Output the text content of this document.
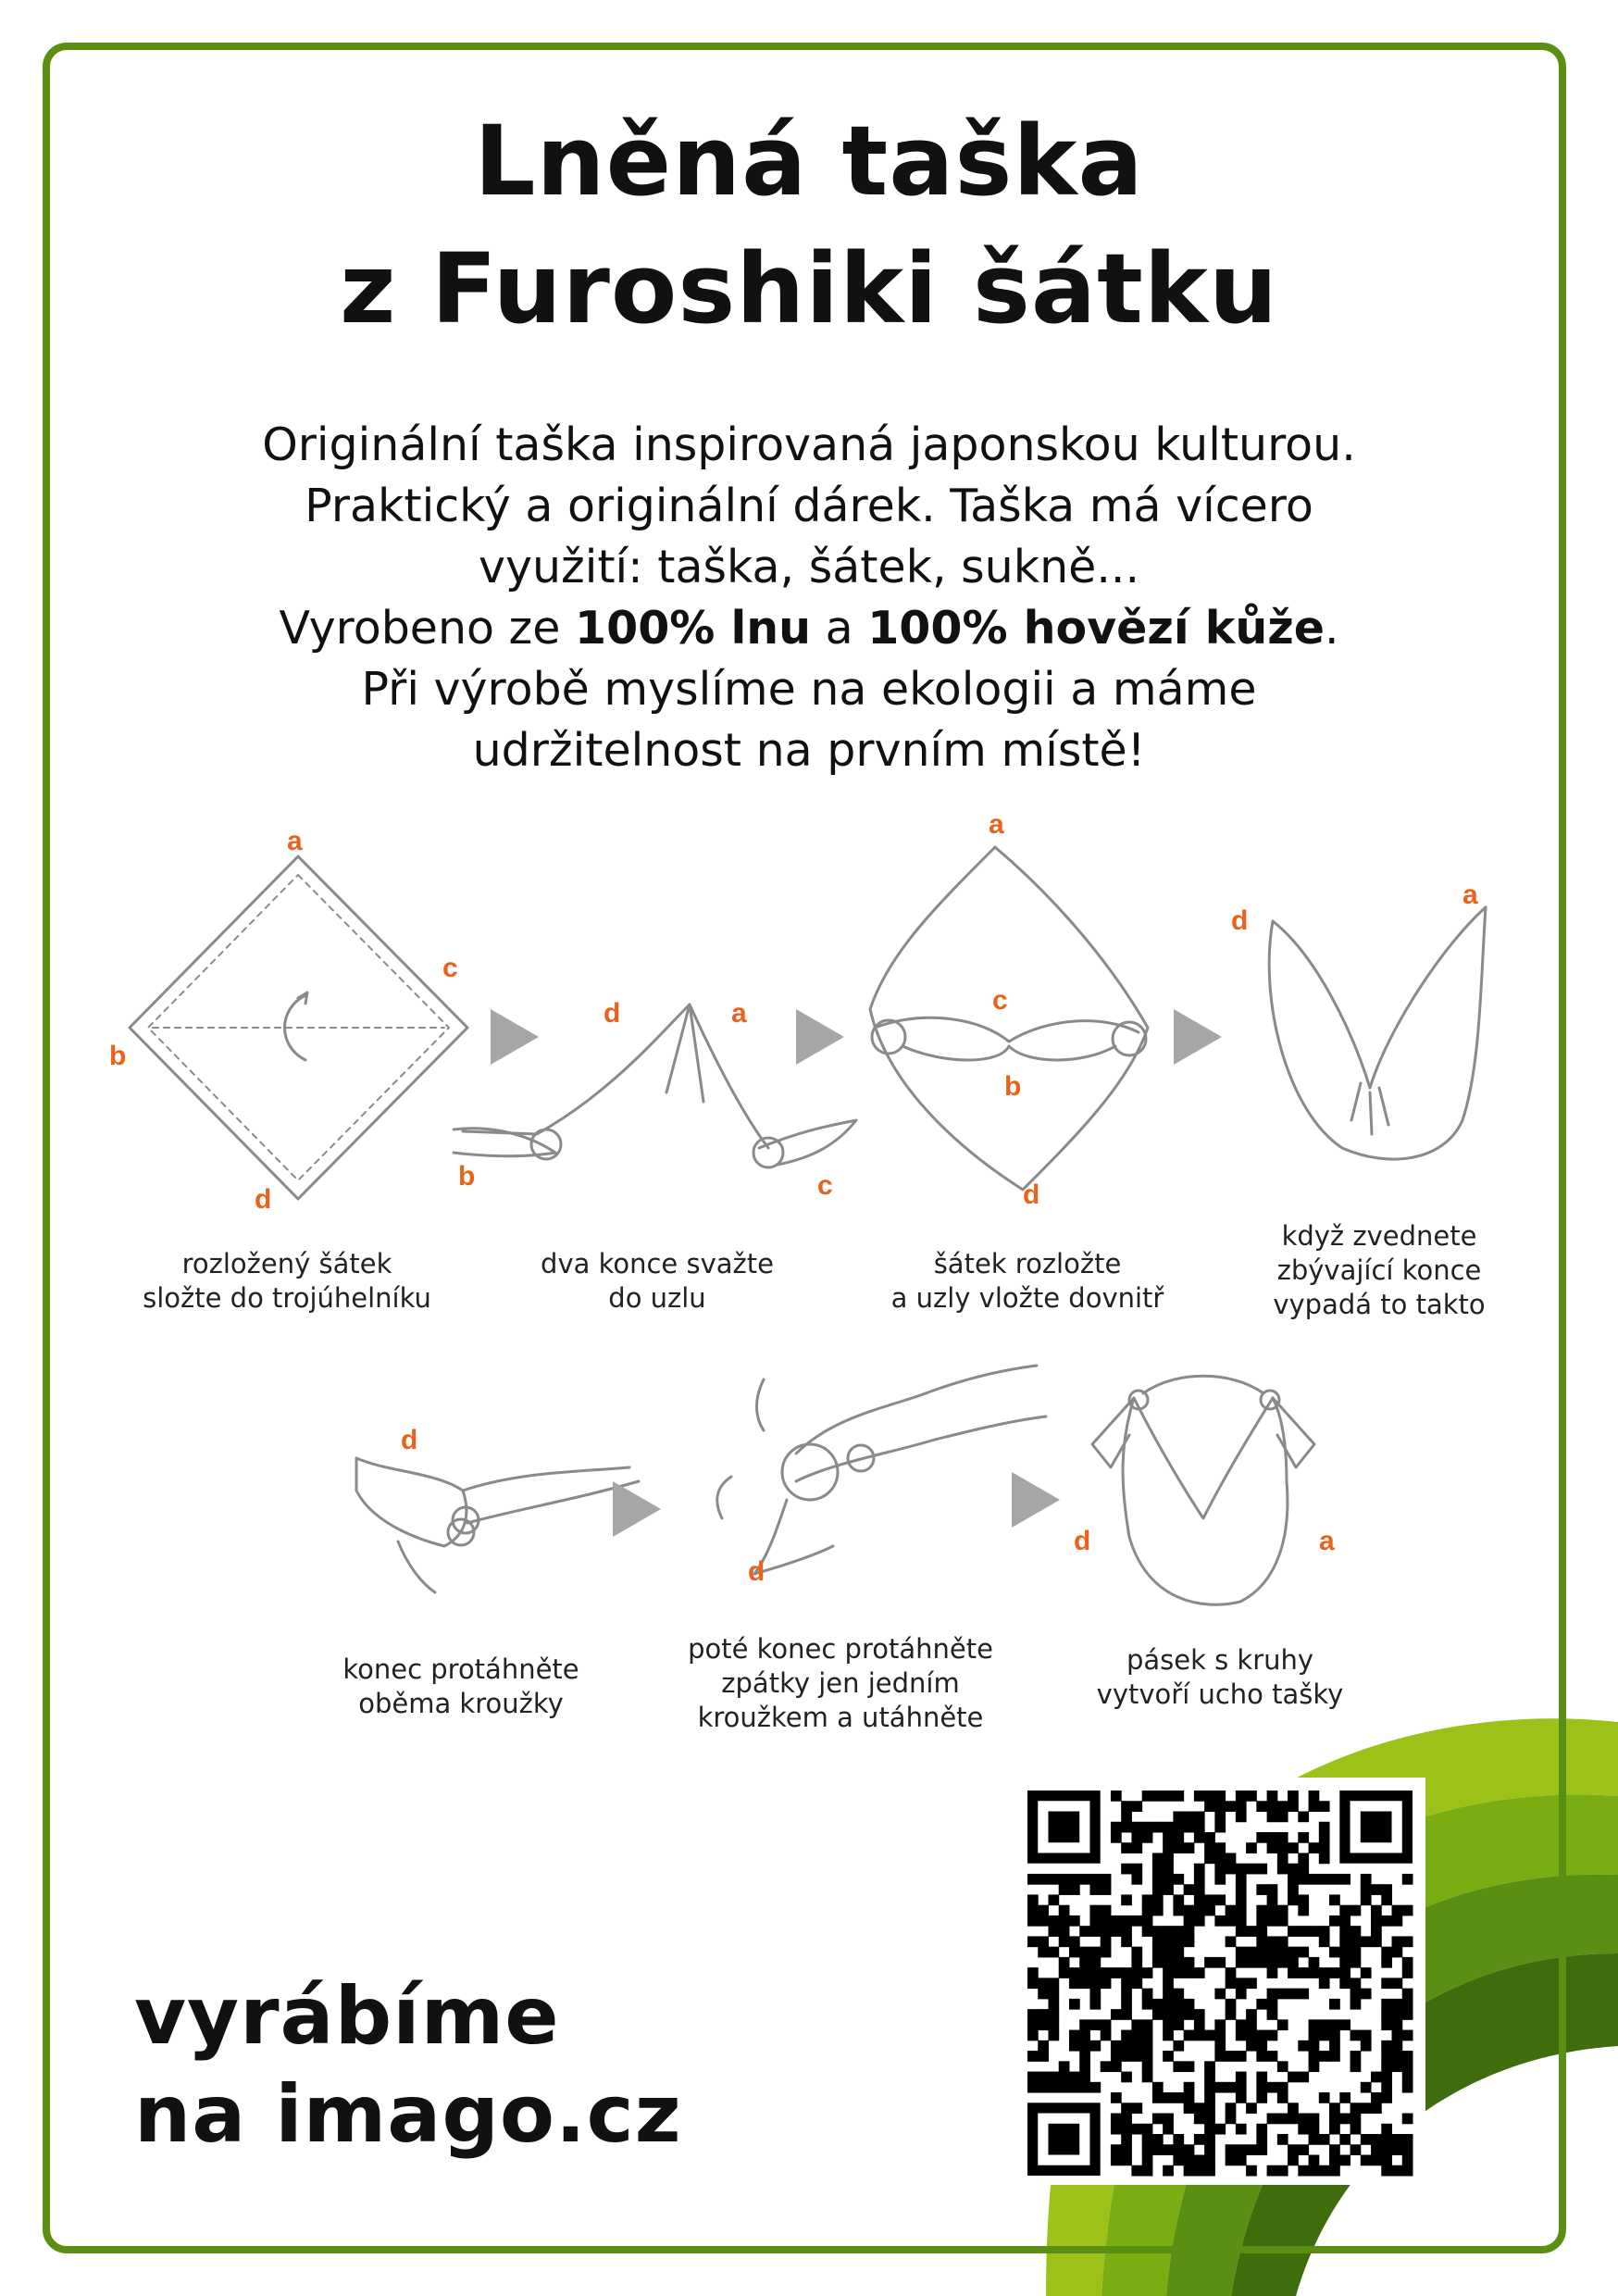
Lněná taška
z Furoshiki šátku

Originální taška inspirovaná japonskou kulturou.

Praktický a originální dárek. Taška má vícero

využití: taška, šátek, sukně...

Vyrobeno ze 100% lnu a 100% hovězí kůže.

Při výrobě myslíme na ekologii a máme

udržitelnost na prvním místě!

a
c
b
d
d	a
b	c
a
c
b
d
d
a
d
d
d	a
rozložený šátek
složte do trojúhelníku
dva konce svažte
do uzlu
šátek rozložte
a uzly vložte dovnitř
když zvednete
zbývající konce
vypadá to takto
konec protáhněte
oběma kroužky
poté konec protáhněte
zpátky jen jedním
kroužkem a utáhněte
pásek s kruhy
vytvoří ucho tašky
vyrábíme
na imago.cz
